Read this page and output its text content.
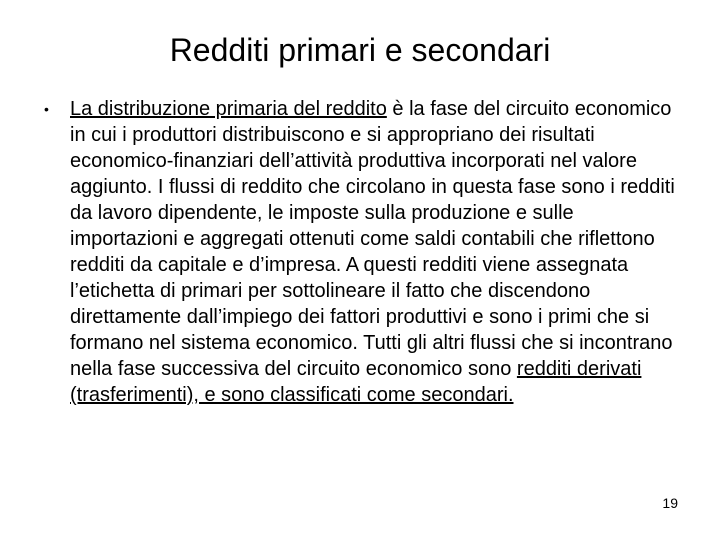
Redditi primari e secondari
•	La distribuzione primaria del reddito è la fase del circuito economico in cui i produttori distribuiscono e si appropriano dei risultati economico-finanziari dell’attività produttiva incorporati nel valore aggiunto. I flussi di reddito che circolano in questa fase sono i redditi da lavoro dipendente, le imposte sulla produzione e sulle importazioni e aggregati ottenuti come saldi contabili che riflettono redditi da capitale e d’impresa. A questi redditi viene assegnata l’etichetta di primari per sottolineare il fatto che discendono direttamente dall’impiego dei fattori produttivi e sono i primi che si formano nel sistema economico. Tutti gli altri flussi che si incontrano nella fase successiva del circuito economico sono redditi derivati (trasferimenti), e sono classificati come secondari.

19
